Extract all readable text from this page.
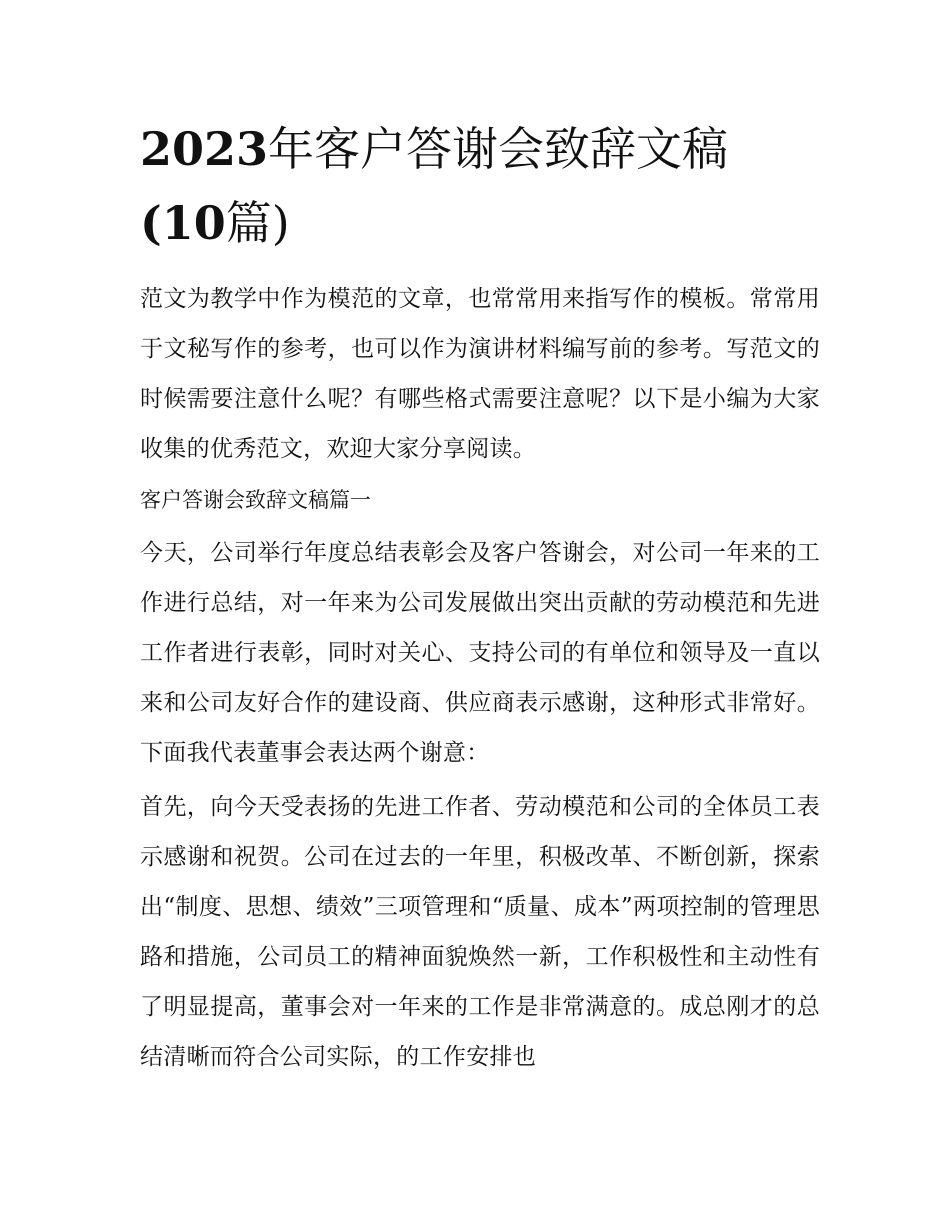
2023年客户答谢会致辞文稿
(10篇)

范文为教学中作为模范的文章，也常常用来指写作的模板。常常用于文秘写作的参考，也可以作为演讲材料编写前的参考。写范文的时候需要注意什么呢？有哪些格式需要注意呢？以下是小编为大家收集的优秀范文，欢迎大家分享阅读。

客户答谢会致辞文稿篇一

今天，公司举行年度总结表彰会及客户答谢会，对公司一年来的工作进行总结，对一年来为公司发展做出突出贡献的劳动模范和先进工作者进行表彰，同时对关心、支持公司的有单位和领导及一直以来和公司友好合作的建设商、供应商表示感谢，这种形式非常好。下面我代表董事会表达两个谢意：

首先，向今天受表扬的先进工作者、劳动模范和公司的全体员工表示感谢和祝贺。公司在过去的一年里，积极改革、不断创新，探索出“制度、思想、绩效”三项管理和“质量、成本”两项控制的管理思路和措施，公司员工的精神面貌焕然一新，工作积极性和主动性有了明显提高，董事会对一年来的工作是非常满意的。成总刚才的总结清晰而符合公司实际，的工作安排也
